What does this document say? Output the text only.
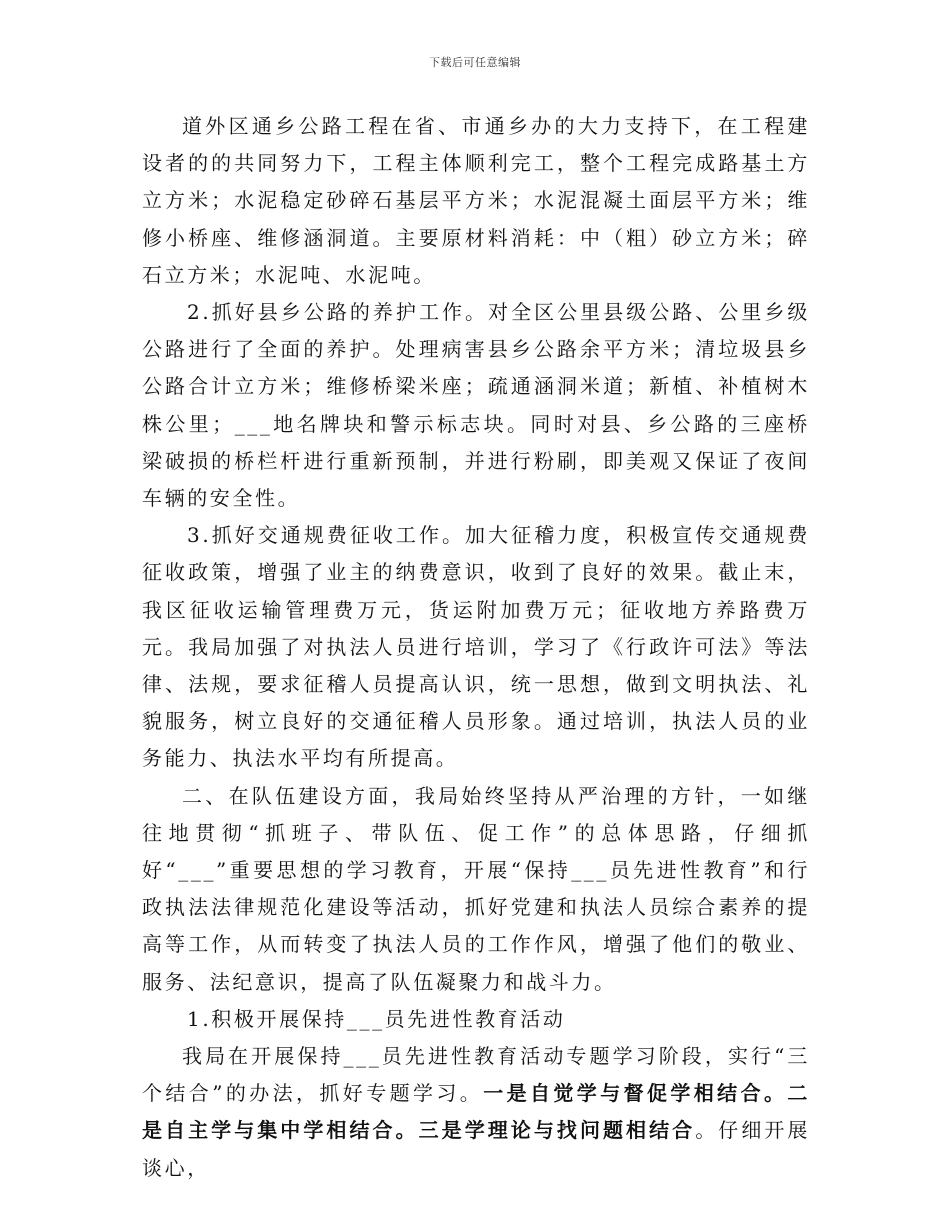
下载后可任意编辑

道外区通乡公路工程在省、市通乡办的大力支持下，在工程建设者的的共同努力下，工程主体顺利完工，整个工程完成路基土方立方米；水泥稳定砂碎石基层平方米；水泥混凝土面层平方米；维修小桥座、维修涵洞道。主要原材料消耗：中（粗）砂立方米；碎石立方米；水泥吨、水泥吨。

2.抓好县乡公路的养护工作。对全区公里县级公路、公里乡级公路进行了全面的养护。处理病害县乡公路余平方米；清垃圾县乡公路合计立方米；维修桥梁米座；疏通涵洞米道；新植、补植树木株公里；___地名牌块和警示标志块。同时对县、乡公路的三座桥梁破损的桥栏杆进行重新预制，并进行粉刷，即美观又保证了夜间车辆的安全性。

3.抓好交通规费征收工作。加大征稽力度，积极宣传交通规费征收政策，增强了业主的纳费意识，收到了良好的效果。截止末，我区征收运输管理费万元，货运附加费万元；征收地方养路费万元。我局加强了对执法人员进行培训，学习了《行政许可法》等法律、法规，要求征稽人员提高认识，统一思想，做到文明执法、礼貌服务，树立良好的交通征稽人员形象。通过培训，执法人员的业务能力、执法水平均有所提高。

二、在队伍建设方面，我局始终坚持从严治理的方针，一如继往地贯彻“抓班子、带队伍、促工作”的总体思路，仔细抓好“___”重要思想的学习教育，开展“保持___员先进性教育”和行政执法法律规范化建设等活动，抓好党建和执法人员综合素养的提高等工作，从而转变了执法人员的工作作风，增强了他们的敬业、服务、法纪意识，提高了队伍凝聚力和战斗力。

1.积极开展保持___员先进性教育活动

我局在开展保持___员先进性教育活动专题学习阶段，实行“三个结合”的办法，抓好专题学习。一是自觉学与督促学相结合。二是自主学与集中学相结合。三是学理论与找问题相结合。仔细开展谈心，
